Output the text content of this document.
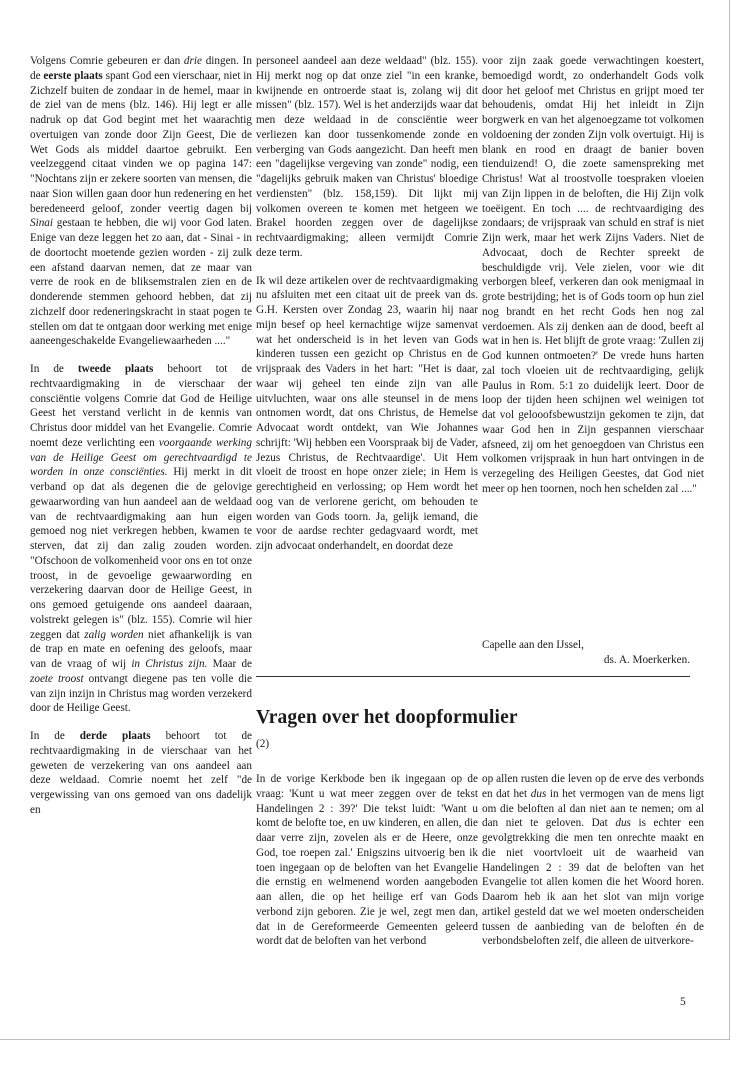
Volgens Comrie gebeuren er dan drie dingen. In de eerste plaats spant God een vierschaar, niet in Zichzelf buiten de zondaar in de hemel, maar in de ziel van de mens (blz. 146). Hij legt er alle nadruk op dat God begint met het waarachtig overtuigen van zonde door Zijn Geest, Die de Wet Gods als middel daartoe gebruikt. Een veelzeggend citaat vinden we op pagina 147: "Nochtans zijn er zekere soorten van mensen, die naar Sion willen gaan door hun redenering en het beredeneerd geloof, zonder veertig dagen bij Sinai gestaan te hebben, die wij voor God laten. Enige van deze leggen het zo aan, dat - Sinai - in de doortocht moetende gezien worden - zij zulk een afstand daarvan nemen, dat ze maar van verre de rook en de bliksemstralen zien en de donderende stemmen gehoord hebben, dat zij zichzelf door redeneringskracht in staat pogen te stellen om dat te ontgaan door werking met enige aaneengeschakelde Evangeliewaarheden ...."

In de tweede plaats behoort tot de rechtvaardigmaking in de vierschaar der consciëntie volgens Comrie dat God de Heilige Geest het verstand verlicht in de kennis van Christus door middel van het Evangelie. Comrie noemt deze verlichting een voorgaande werking van de Heilige Geest om gerechtvaardigd te worden in onze consciënties. Hij merkt in dit verband op dat als degenen die de gelovige gewaarwording van hun aandeel aan de weldaad van de rechtvaardigmaking aan hun eigen gemoed nog niet verkregen hebben, kwamen te sterven, dat zij dan zalig zouden worden. "Ofschoon de volkomenheid voor ons en tot onze troost, in de gevoelige gewaarwording en verzekering daarvan door de Heilige Geest, in ons gemoed getuigende ons aandeel daaraan, volstrekt gelegen is" (blz. 155). Comrie wil hier zeggen dat zalig worden niet afhankelijk is van de trap en mate en oefening des geloofs, maar van de vraag of wij in Christus zijn. Maar de zoete troost ontvangt diegene pas ten volle die van zijn inzijn in Christus mag worden verzekerd door de Heilige Geest.

In de derde plaats behoort tot de rechtvaardigmaking in de vierschaar van het geweten de verzekering van ons aandeel aan deze weldaad. Comrie noemt het zelf "de vergewissing van ons gemoed van ons dadelijk en

personeel aandeel aan deze weldaad" (blz. 155). Hij merkt nog op dat onze ziel "in een kranke, kwijnende en ontroerde staat is, zolang wij dit missen" (blz. 157). Wel is het anderzijds waar dat men deze weldaad in de consciëntie weer verliezen kan door tussenkomende zonde en verberging van Gods aangezicht. Dan heeft men een "dagelijkse vergeving van zonde" nodig, een "dagelijks gebruik maken van Christus' bloedige verdiensten" (blz. 158,159). Dit lijkt mij volkomen overeen te komen met hetgeen we Brakel hoorden zeggen over de dagelijkse rechtvaardigmaking; alleen vermijdt Comrie deze term.

Ik wil deze artikelen over de rechtvaardigmaking nu afsluiten met een citaat uit de preek van ds. G.H. Kersten over Zondag 23, waarin hij naar mijn besef op heel kernachtige wijze samenvat wat het onderscheid is in het leven van Gods kinderen tussen een gezicht op Christus en de vrijspraak des Vaders in het hart: "Het is daar, waar wij geheel ten einde zijn van alle uitvluchten, waar ons alle steunsel in de mens ontnomen wordt, dat ons Christus, de Hemelse Advocaat wordt ontdekt, van Wie Johannes schrijft: 'Wij hebben een Voorspraak bij de Vader, Jezus Christus, de Rechtvaardige'. Uit Hem vloeit de troost en hope onzer ziele; in Hem is gerechtigheid en verlossing; op Hem wordt het oog van de verlorene gericht, om behouden te worden van Gods toorn. Ja, gelijk iemand, die voor de aardse rechter gedagvaard wordt, met zijn advocaat onderhandelt, en doordat deze

voor zijn zaak goede verwachtingen koestert, bemoedigd wordt, zo onderhandelt Gods volk door het geloof met Christus en grijpt moed ter behoudenis, omdat Hij het inleidt in Zijn borgwerk en van het algenoegzame tot volkomen voldoening der zonden Zijn volk overtuigt. Hij is blank en rood en draagt de banier boven tienduizend! O, die zoete samenspreking met Christus! Wat al troostvolle toespraken vloeien van Zijn lippen in de beloften, die Hij Zijn volk toeëigent. En toch .... de rechtvaardiging des zondaars; de vrijspraak van schuld en straf is niet Zijn werk, maar het werk Zijns Vaders. Niet de Advocaat, doch de Rechter spreekt de beschuldigde vrij. Vele zielen, voor wie dit verborgen bleef, verkeren dan ook menigmaal in grote bestrijding; het is of Gods toorn op hun ziel nog brandt en het recht Gods hen nog zal verdoemen. Als zij denken aan de dood, beeft al wat in hen is. Het blijft de grote vraag: 'Zullen zij God kunnen ontmoeten?' De vrede huns harten zal toch vloeien uit de rechtvaardiging, gelijk Paulus in Rom. 5:1 zo duidelijk leert. Door de loop der tijden heen schijnen wel weinigen tot dat vol gelooofsbewustzijn gekomen te zijn, dat waar God hen in Zijn gespannen vierschaar afsneed, zij om het genoegdoen van Christus een volkomen vrijspraak in hun hart ontvingen in de verzegeling des Heiligen Geestes, dat God niet meer op hen toornen, noch hen schelden zal ...."

Capelle aan den IJssel,
ds. A. Moerkerken.
Vragen over het doopformulier
(2)

In de vorige Kerkbode ben ik ingegaan op de vraag: 'Kunt u wat meer zeggen over de tekst Handelingen 2 : 39?' Die tekst luidt: 'Want u komt de belofte toe, en uw kinderen, en allen, die daar verre zijn, zovelen als er de Heere, onze God, toe roepen zal.' Enigszins uitvoerig ben ik toen ingegaan op de beloften van het Evangelie die ernstig en welmenend worden aangeboden aan allen, die op het heilige erf van Gods verbond zijn geboren. Zie je wel, zegt men dan, dat in de Gereformeerde Gemeenten geleerd wordt dat de beloften van het verbond

op allen rusten die leven op de erve des verbonds en dat het dus in het vermogen van de mens ligt om die beloften al dan niet aan te nemen; om al dan niet te geloven. Dat dus is echter een gevolgtrekking die men ten onrechte maakt en die niet voortvloeit uit de waarheid van Handelingen 2 : 39 dat de beloften van het Evangelie tot allen komen die het Woord horen. Daarom heb ik aan het slot van mijn vorige artikel gesteld dat we wel moeten onderscheiden tussen de aanbieding van de beloften én de verbondsbeloften zelf, die alleen de uitverkore-

5
